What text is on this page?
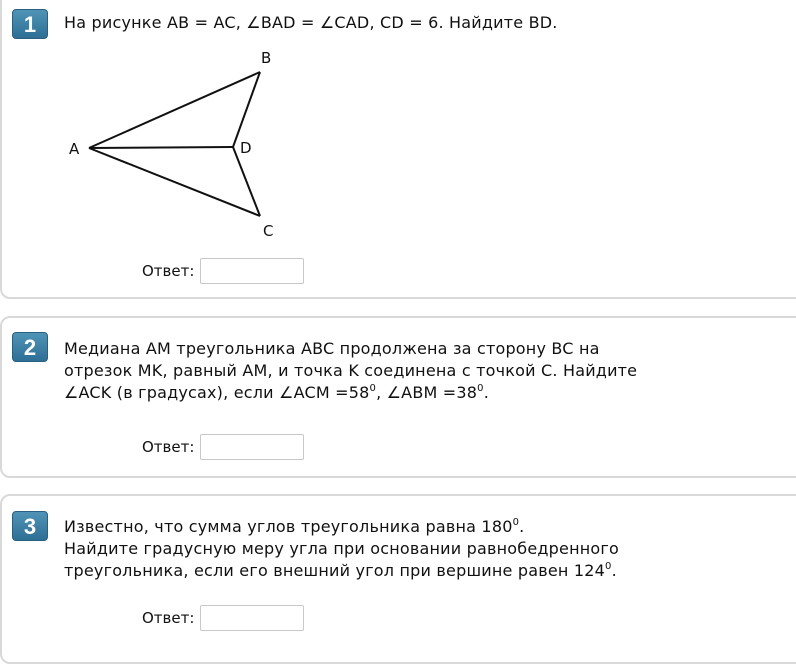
1	На рисунке AB = AC, ∠BAD = ∠CAD, CD = 6. Найдите BD.
A
B
C
D
Ответ:
2	Медиана AM треугольника ABC продолжена за сторону BC на
отрезок MK, равный AM, и точка K соединена с точкой C. Найдите
∠ACK (в градусах), если ∠ACM $=58^0$, ∠ABM $=38^0$.
Ответ:
3	Известно, что сумма углов треугольника равна $180^0$.
Найдите градусную меру угла при основании равнобедренного
треугольника, если его внешний угол при вершине равен $124^0$.
Ответ:
